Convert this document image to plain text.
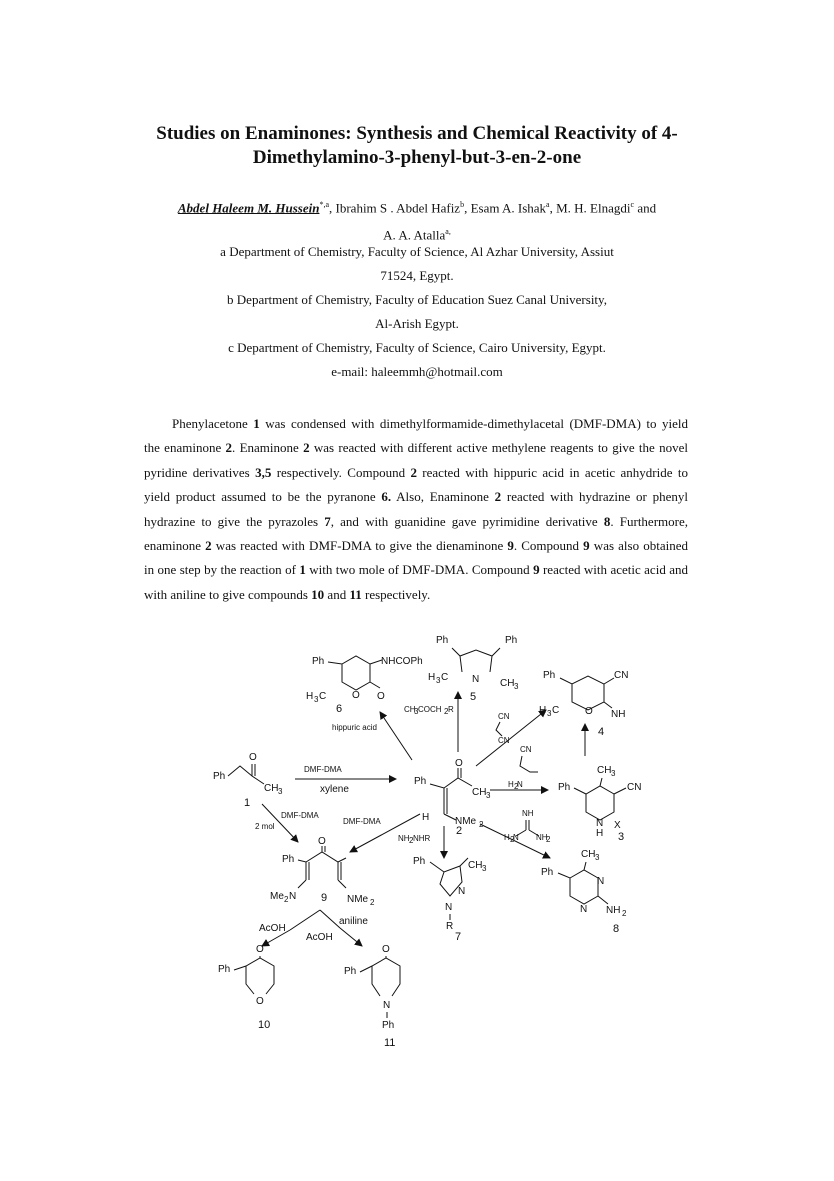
Studies on Enaminones: Synthesis and Chemical Reactivity of 4-
Dimethylamino-3-phenyl-but-3-en-2-one
Abdel Haleem M. Hussein$^{*,a}$, Ibrahim S . Abdel Hafiz$^b$, Esam A. Ishak$^a$, M. H. Elnagdi$^c$ and
A. A. Atalla$^{a,}$
a Department of Chemistry, Faculty of Science, Al Azhar University, Assiut
71524, Egypt.
b Department of Chemistry, Faculty of Education Suez Canal University,
Al-Arish Egypt.
c Department of Chemistry, Faculty of Science, Cairo University, Egypt.
e-mail: haleemmh@hotmail.com

Phenylacetone 1 was condensed with dimethylformamide-dimethylacetal (DMF-DMA) to yield the enaminone 2. Enaminone 2 was reacted with different active methylene reagents to give the novel pyridine derivatives 3,5 respectively. Compound 2 reacted with hippuric acid in acetic anhydride to yield product assumed to be the pyranone 6. Also, Enaminone 2 reacted with hydrazine or phenyl hydrazine to give the pyrazoles 7, and with guanidine gave pyrimidine derivative 8. Furthermore, enaminone 2 was reacted with DMF-DMA to give the dienaminone 9. Compound 9 was also obtained in one step by the reaction of 1 with two mole of DMF-DMA. Compound 9 reacted with acetic acid and with aniline to give compounds 10 and 11 respectively.

Ph
O
CH 3
1
Ph
O
CH 3
H	NMe 2
2
DMF-DMA
xylene
Ph	NHCOPh
O O
H 3 C
6
hippuric acid
Ph	Ph
H 3 C N CH 3
5
CH
3 COCH 2 R
Ph	CN
O NH
H 3 C
4
CN
CN
Ph
CH 3
CN
N
H
X
3
CN
H 2
N
Ph	CH 3
N
N
R
7
NH 2 NHR
CH 3
Ph
N
N NH 2
8
NH
H 2
N NH
2
O
Ph
Me 2 N 9 NMe 2
DMF-DMA
2 mol
DMF-DMA
AcOH
AcOH
aniline
O
Ph
O
10
O
Ph
N
Ph
11
